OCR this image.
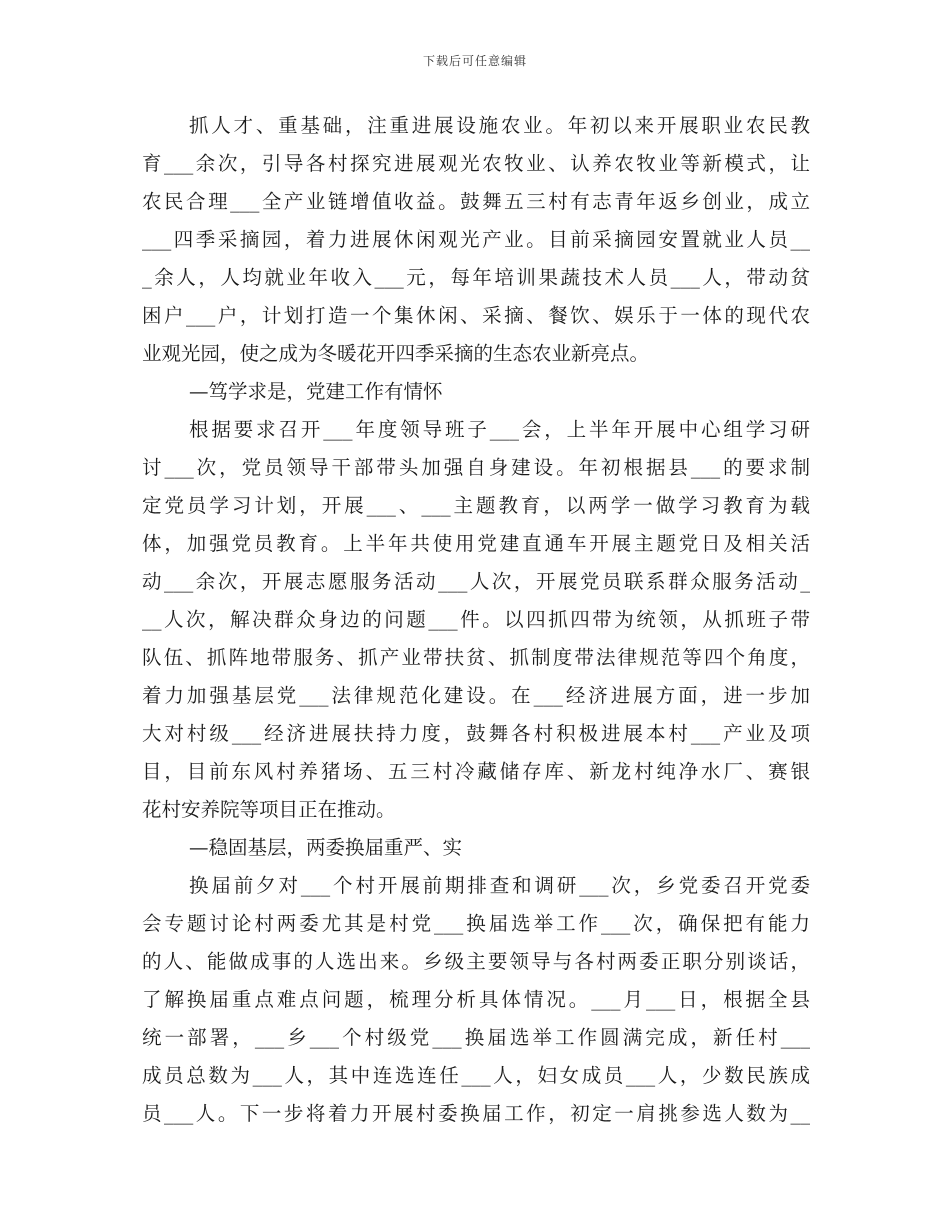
下载后可任意编辑
抓人才、重基础，注重进展设施农业。年初以来开展职业农民教
育___余次，引导各村探究进展观光农牧业、认养农牧业等新模式，让
农民合理___全产业链增值收益。鼓舞五三村有志青年返乡创业，成立
___四季采摘园，着力进展休闲观光产业。目前采摘园安置就业人员__
_余人，人均就业年收入___元，每年培训果蔬技术人员___人，带动贫
困户___户，计划打造一个集休闲、采摘、餐饮、娱乐于一体的现代农
业观光园，使之成为冬暖花开四季采摘的生态农业新亮点。
—笃学求是，党建工作有情怀
根据要求召开___年度领导班子___会，上半年开展中心组学习研
讨___次，党员领导干部带头加强自身建设。年初根据县___的要求制
定党员学习计划，开展___、___主题教育，以两学一做学习教育为载
体，加强党员教育。上半年共使用党建直通车开展主题党日及相关活
动___余次，开展志愿服务活动___人次，开展党员联系群众服务活动_
__人次，解决群众身边的问题___件。以四抓四带为统领，从抓班子带
队伍、抓阵地带服务、抓产业带扶贫、抓制度带法律规范等四个角度，
着力加强基层党___法律规范化建设。在___经济进展方面，进一步加
大对村级___经济进展扶持力度，鼓舞各村积极进展本村___产业及项
目，目前东风村养猪场、五三村冷藏储存库、新龙村纯净水厂、赛银
花村安养院等项目正在推动。
—稳固基层，两委换届重严、实
换届前夕对___个村开展前期排查和调研___次，乡党委召开党委
会专题讨论村两委尤其是村党___换届选举工作___次，确保把有能力
的人、能做成事的人选出来。乡级主要领导与各村两委正职分别谈话，
了解换届重点难点问题，梳理分析具体情况。___月___日，根据全县
统一部署，___乡___个村级党___换届选举工作圆满完成，新任村___
成员总数为___人，其中连选连任___人，妇女成员___人，少数民族成
员___人。下一步将着力开展村委换届工作，初定一肩挑参选人数为__
